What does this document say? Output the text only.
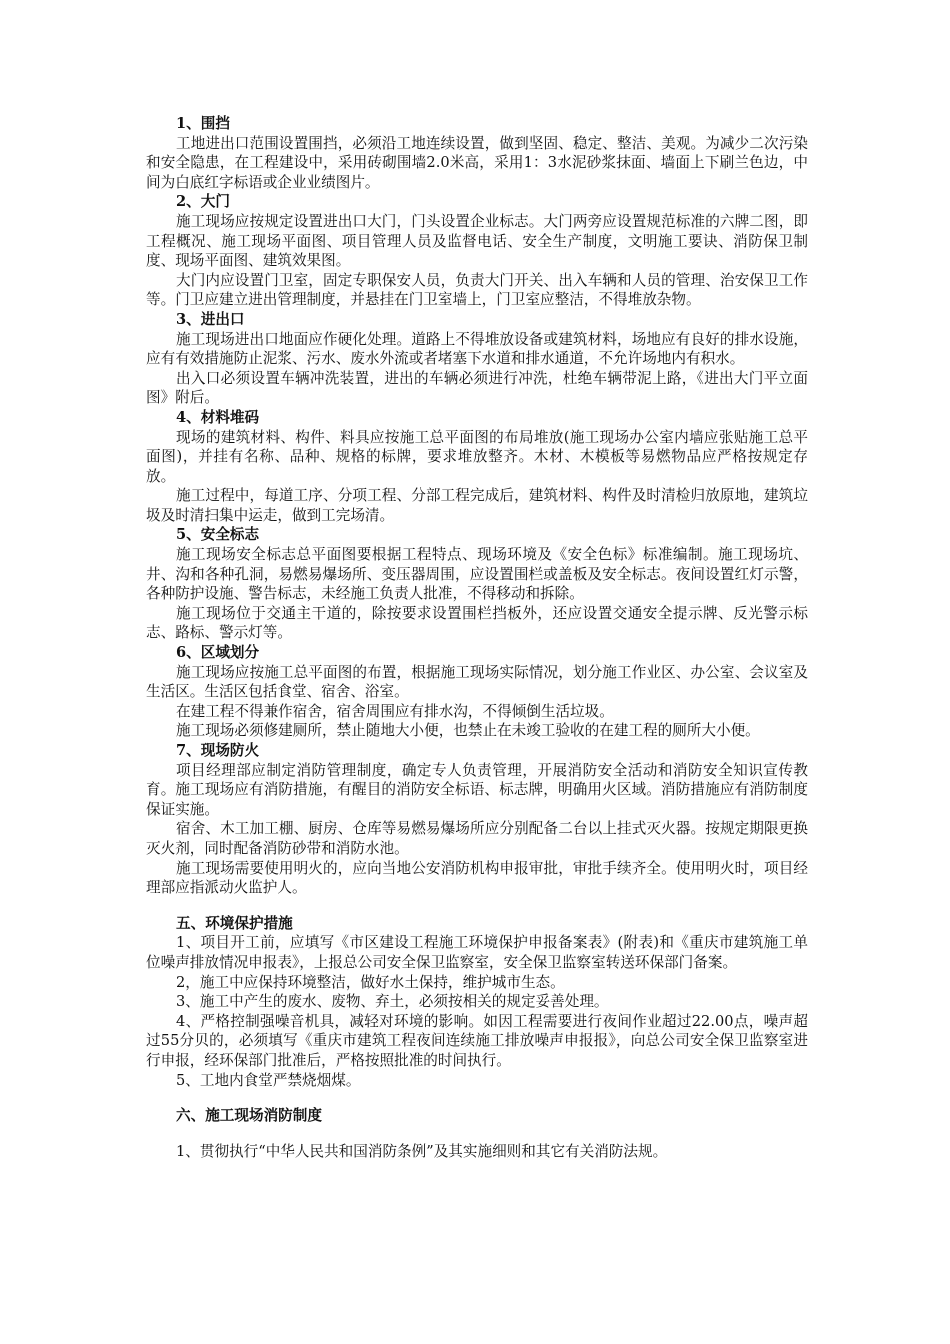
1、围挡

工地进出口范围设置围挡，必须沿工地连续设置，做到坚固、稳定、整洁、美观。为减少二次污染和安全隐患，在工程建设中，采用砖砌围墙2.0米高，采用1：3水泥砂浆抹面、墙面上下刷兰色边，中间为白底红字标语或企业业绩图片。

2、大门

施工现场应按规定设置进出口大门，门头设置企业标志。大门两旁应设置规范标准的六牌二图，即工程概况、施工现场平面图、项目管理人员及监督电话、安全生产制度，文明施工要诀、消防保卫制度、现场平面图、建筑效果图。

大门内应设置门卫室，固定专职保安人员，负责大门开关、出入车辆和人员的管理、治安保卫工作等。门卫应建立进出管理制度，并悬挂在门卫室墙上，门卫室应整洁，不得堆放杂物。

3、进出口

施工现场进出口地面应作硬化处理。道路上不得堆放设备或建筑材料，场地应有良好的排水设施，应有有效措施防止泥浆、污水、废水外流或者堵塞下水道和排水通道，不允许场地内有积水。

出入口必须设置车辆冲洗装置，进出的车辆必须进行冲洗，杜绝车辆带泥上路，《进出大门平立面图》附后。

4、材料堆码

现场的建筑材料、构件、料具应按施工总平面图的布局堆放(施工现场办公室内墙应张贴施工总平面图)，并挂有名称、品种、规格的标牌，要求堆放整齐。木材、木模板等易燃物品应严格按规定存放。

施工过程中，每道工序、分项工程、分部工程完成后，建筑材料、构件及时清检归放原地，建筑垃圾及时清扫集中运走，做到工完场清。

5、安全标志

施工现场安全标志总平面图要根据工程特点、现场环境及《安全色标》标准编制。施工现场坑、井、沟和各种孔洞，易燃易爆场所、变压器周围，应设置围栏或盖板及安全标志。夜间设置红灯示警，各种防护设施、警告标志，未经施工负责人批准，不得移动和拆除。

施工现场位于交通主干道的，除按要求设置围栏挡板外，还应设置交通安全提示牌、反光警示标志、路标、警示灯等。

6、区域划分

施工现场应按施工总平面图的布置，根据施工现场实际情况，划分施工作业区、办公室、会议室及生活区。生活区包括食堂、宿舍、浴室。

在建工程不得兼作宿舍，宿舍周围应有排水沟，不得倾倒生活垃圾。

施工现场必须修建厕所，禁止随地大小便，也禁止在未竣工验收的在建工程的厕所大小便。

7、现场防火

项目经理部应制定消防管理制度，确定专人负责管理，开展消防安全活动和消防安全知识宣传教育。施工现场应有消防措施，有醒目的消防安全标语、标志牌，明确用火区域。消防措施应有消防制度保证实施。

宿舍、木工加工棚、厨房、仓库等易燃易爆场所应分别配备二台以上挂式灭火器。按规定期限更换灭火剂，同时配备消防砂带和消防水池。

施工现场需要使用明火的，应向当地公安消防机构申报审批，审批手续齐全。使用明火时，项目经理部应指派动火监护人。

五、环境保护措施

1、项目开工前，应填写《市区建设工程施工环境保护申报备案表》(附表)和《重庆市建筑施工单位噪声排放情况申报表》，上报总公司安全保卫监察室，安全保卫监察室转送环保部门备案。

2，施工中应保持环境整洁，做好水土保持，维护城市生态。

3、施工中产生的废水、废物、弃土，必须按相关的规定妥善处理。

4、严格控制强噪音机具，减轻对环境的影响。如因工程需要进行夜间作业超过22.00点，噪声超过55分贝的，必须填写《重庆市建筑工程夜间连续施工排放噪声申报报》，向总公司安全保卫监察室进行申报，经环保部门批准后，严格按照批准的时间执行。

5、工地内食堂严禁烧烟煤。

六、施工现场消防制度

1、贯彻执行“中华人民共和国消防条例”及其实施细则和其它有关消防法规。
